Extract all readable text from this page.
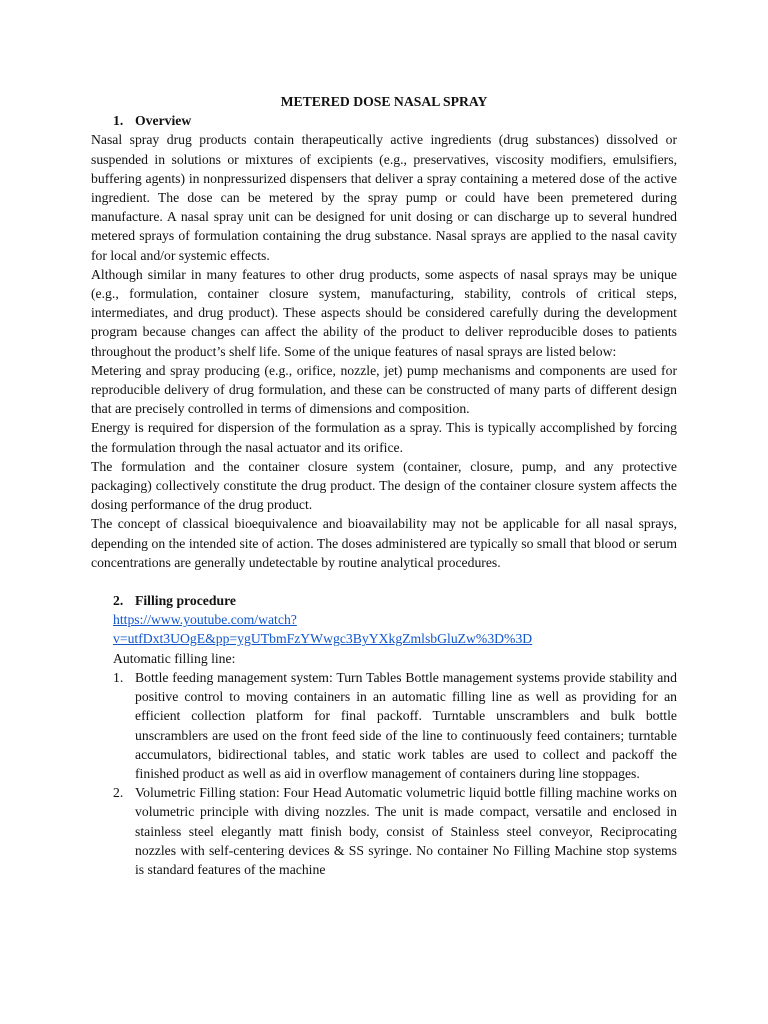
METERED DOSE NASAL SPRAY

1. Overview

Nasal spray drug products contain therapeutically active ingredients (drug substances) dissolved or suspended in solutions or mixtures of excipients (e.g., preservatives, viscosity modifiers, emulsifiers, buffering agents) in nonpressurized dispensers that deliver a spray containing a metered dose of the active ingredient. The dose can be metered by the spray pump or could have been premetered during manufacture. A nasal spray unit can be designed for unit dosing or can discharge up to several hundred metered sprays of formulation containing the drug substance. Nasal sprays are applied to the nasal cavity for local and/or systemic effects.

Although similar in many features to other drug products, some aspects of nasal sprays may be unique (e.g., formulation, container closure system, manufacturing, stability, controls of critical steps, intermediates, and drug product). These aspects should be considered carefully during the development program because changes can affect the ability of the product to deliver reproducible doses to patients throughout the product’s shelf life. Some of the unique features of nasal sprays are listed below:

Metering and spray producing (e.g., orifice, nozzle, jet) pump mechanisms and components are used for reproducible delivery of drug formulation, and these can be constructed of many parts of different design that are precisely controlled in terms of dimensions and composition.

Energy is required for dispersion of the formulation as a spray. This is typically accomplished by forcing the formulation through the nasal actuator and its orifice.

The formulation and the container closure system (container, closure, pump, and any protective packaging) collectively constitute the drug product. The design of the container closure system affects the dosing performance of the drug product.

The concept of classical bioequivalence and bioavailability may not be applicable for all nasal sprays, depending on the intended site of action. The doses administered are typically so small that blood or serum concentrations are generally undetectable by routine analytical procedures.

2. Filling procedure

https://www.youtube.com/watch?
v=utfDxt3UOgE&pp=ygUTbmFzYWwgc3ByYXkgZmlsbGluZw%3D%3D

Automatic filling line:

1. Bottle feeding management system: Turn Tables Bottle management systems provide stability and positive control to moving containers in an automatic filling line as well as providing for an efficient collection platform for final packoff. Turntable unscramblers and bulk bottle unscramblers are used on the front feed side of the line to continuously feed containers; turntable accumulators, bidirectional tables, and static work tables are used to collect and packoff the finished product as well as aid in overflow management of containers during line stoppages.
2. Volumetric Filling station: Four Head Automatic volumetric liquid bottle filling machine works on volumetric principle with diving nozzles. The unit is made compact, versatile and enclosed in stainless steel elegantly matt finish body, consist of Stainless steel conveyor, Reciprocating nozzles with self-centering devices & SS syringe. No container No Filling Machine stop systems is standard features of the machine
